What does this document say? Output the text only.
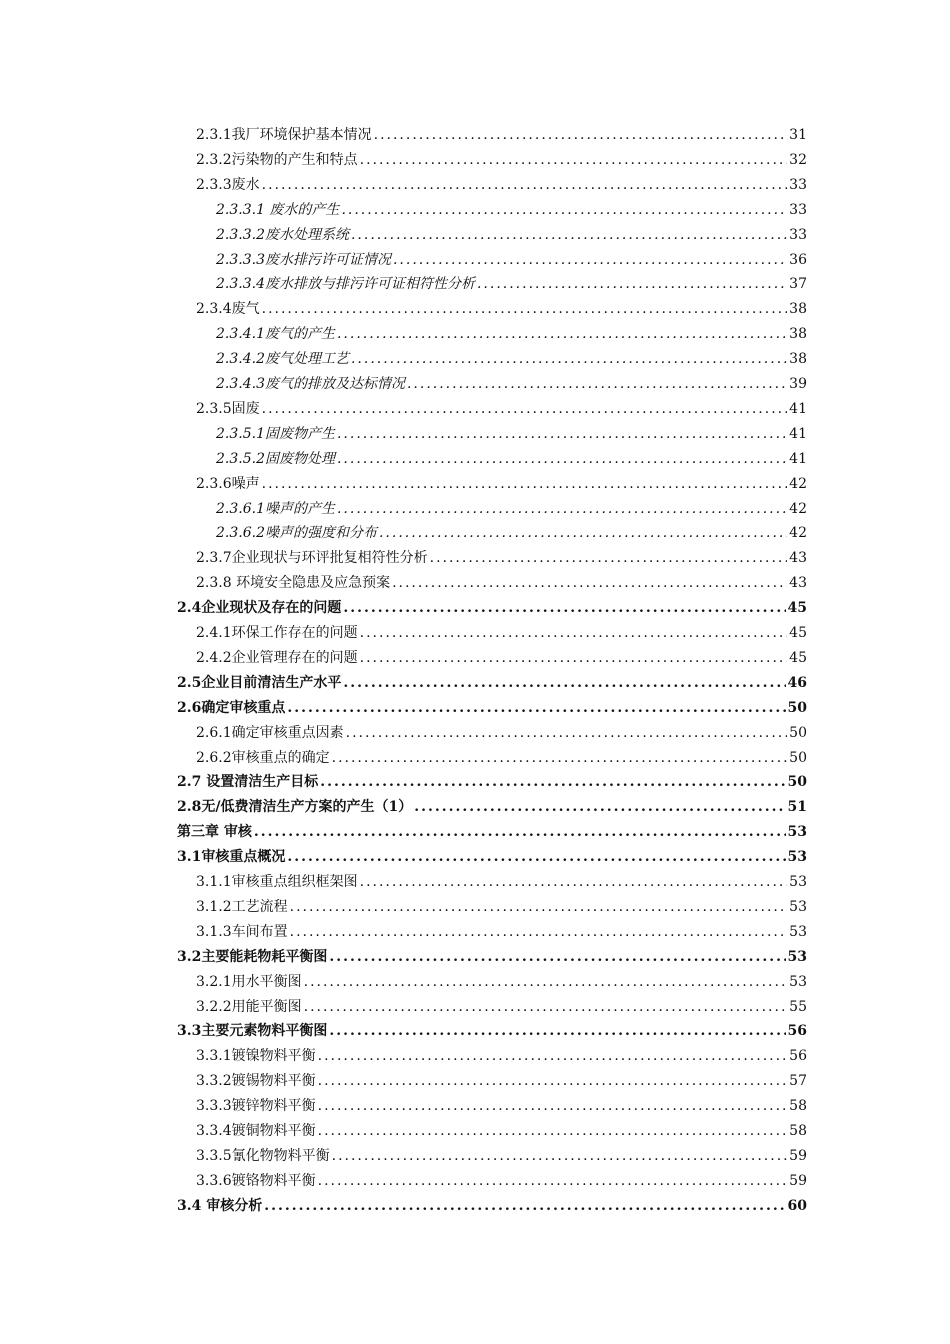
2.3.1我厂环境保护基本情况 .....	31
2.3.2污染物的产生和特点 .....	32
2.3.3废水 .....	33
2.3.3.1 废水的产生 .....	33
2.3.3.2废水处理系统 .....	33
2.3.3.3废水排污许可证情况 .....	36
2.3.3.4废水排放与排污许可证相符性分析 .....	37
2.3.4废气 .....	38
2.3.4.1废气的产生 .....	38
2.3.4.2废气处理工艺 .....	38
2.3.4.3废气的排放及达标情况 .....	39
2.3.5固废 .....	41
2.3.5.1固废物产生 .....	41
2.3.5.2固废物处理 .....	41
2.3.6噪声 .....	42
2.3.6.1噪声的产生 .....	42
2.3.6.2噪声的强度和分布 .....	42
2.3.7企业现状与环评批复相符性分析 .....	43
2.3.8 环境安全隐患及应急预案 .....	43
2.4企业现状及存在的问题 .....	45
2.4.1环保工作存在的问题 .....	45
2.4.2企业管理存在的问题 .....	45
2.5企业目前清洁生产水平 .....	46
2.6确定审核重点 .....	50
2.6.1确定审核重点因素 .....	50
2.6.2审核重点的确定 .....	50
2.7 设置清洁生产目标 .....	50
2.8无/低费清洁生产方案的产生（1） .....	51
第三章 审核 .....	53
3.1审核重点概况 .....	53
3.1.1审核重点组织框架图 .....	53
3.1.2工艺流程 .....	53
3.1.3车间布置 .....	53
3.2主要能耗物耗平衡图 .....	53
3.2.1用水平衡图 .....	53
3.2.2用能平衡图 .....	55
3.3主要元素物料平衡图 .....	56
3.3.1镀镍物料平衡 .....	56
3.3.2镀锡物料平衡 .....	57
3.3.3镀锌物料平衡 .....	58
3.3.4镀铜物料平衡 .....	58
3.3.5氰化物物料平衡 .....	59
3.3.6镀铬物料平衡 .....	59
3.4 审核分析 .....	60
